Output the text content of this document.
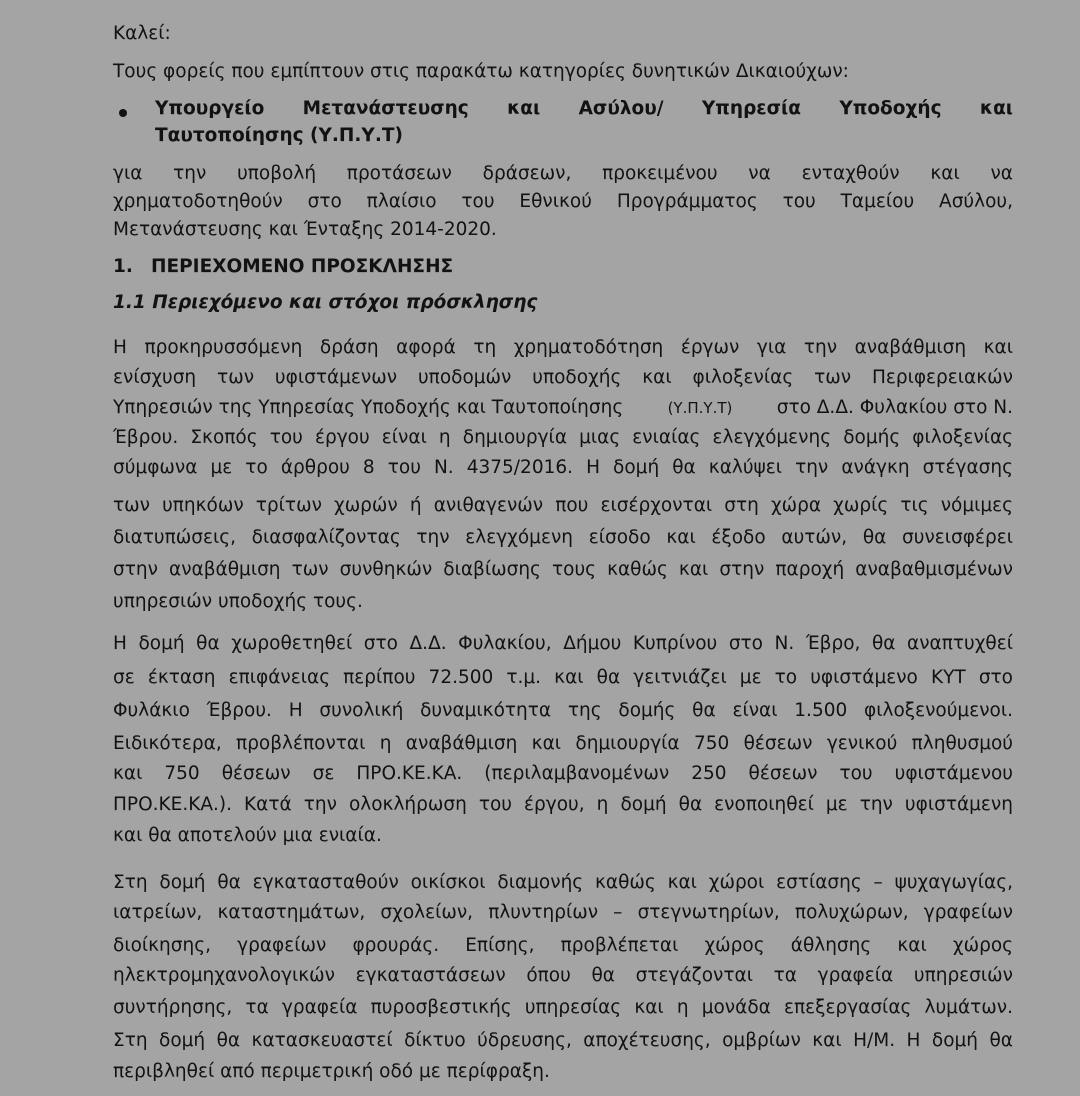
Καλεί:
Τους φορείς που εμπίπτουν στις παρακάτω κατηγορίες δυνητικών Δικαιούχων:
Υπουργείο Μετανάστευσης και Ασύλου/ Υπηρεσία Υποδοχής και
Ταυτοποίησης (Υ.Π.Υ.Τ)
για την υποβολή προτάσεων δράσεων, προκειμένου να ενταχθούν και να
χρηματοδοτηθούν στο πλαίσιο του Εθνικού Προγράμματος του Ταμείου Ασύλου,
Μετανάστευσης και Ένταξης 2014-2020.
1. ΠΕΡΙΕΧΟΜΕΝΟ ΠΡΟΣΚΛΗΣΗΣ
1.1 Περιεχόμενο και στόχοι πρόσκλησης
Η προκηρυσσόμενη δράση αφορά τη χρηματοδότηση έργων για την αναβάθμιση και
ενίσχυση των υφιστάμενων υποδομών υποδοχής και φιλοξενίας των Περιφερειακών
Υπηρεσιών της Υπηρεσίας Υποδοχής και Ταυτοποίησης	(Υ.Π.Υ.Τ) στο Δ.Δ. Φυλακίου στο Ν.
Έβρου. Σκοπός του έργου είναι η δημιουργία μιας ενιαίας ελεγχόμενης δομής φιλοξενίας
σύμφωνα με το άρθρου 8 του Ν. 4375/2016. Η δομή θα καλύψει την ανάγκη στέγασης
των υπηκόων τρίτων χωρών ή ανιθαγενών που εισέρχονται στη χώρα χωρίς τις νόμιμες
διατυπώσεις, διασφαλίζοντας την ελεγχόμενη είσοδο και έξοδο αυτών, θα συνεισφέρει
στην αναβάθμιση των συνθηκών διαβίωσης τους καθώς και στην παροχή αναβαθμισμένων
υπηρεσιών υποδοχής τους.
Η δομή θα χωροθετηθεί στο Δ.Δ. Φυλακίου, Δήμου Κυπρίνου στο Ν. Έβρο, θα αναπτυχθεί
σε έκταση επιφάνειας περίπου 72.500 τ.μ. και θα γειτνιάζει με το υφιστάμενο ΚΥΤ στο
Φυλάκιο Έβρου. Η συνολική δυναμικότητα της δομής θα είναι 1.500 φιλοξενούμενοι.
Ειδικότερα, προβλέπονται η αναβάθμιση και δημιουργία 750 θέσεων γενικού πληθυσμού
και 750 θέσεων σε ΠΡΟ.ΚΕ.ΚΑ. (περιλαμβανομένων 250 θέσεων του υφιστάμενου
ΠΡΟ.ΚΕ.ΚΑ.). Κατά την ολοκλήρωση του έργου, η δομή θα ενοποιηθεί με την υφιστάμενη
και θα αποτελούν μια ενιαία.
Στη δομή θα εγκατασταθούν οικίσκοι διαμονής καθώς και χώροι εστίασης – ψυχαγωγίας,
ιατρείων, καταστημάτων, σχολείων, πλυντηρίων – στεγνωτηρίων, πολυχώρων, γραφείων
διοίκησης, γραφείων φρουράς. Επίσης, προβλέπεται χώρος άθλησης και χώρος
ηλεκτρομηχανολογικών εγκαταστάσεων όπου θα στεγάζονται τα γραφεία υπηρεσιών
συντήρησης, τα γραφεία πυροσβεστικής υπηρεσίας και η μονάδα επεξεργασίας λυμάτων.
Στη δομή θα κατασκευαστεί δίκτυο ύδρευσης, αποχέτευσης, ομβρίων και Η/Μ. Η δομή θα
περιβληθεί από περιμετρική οδό με περίφραξη.
